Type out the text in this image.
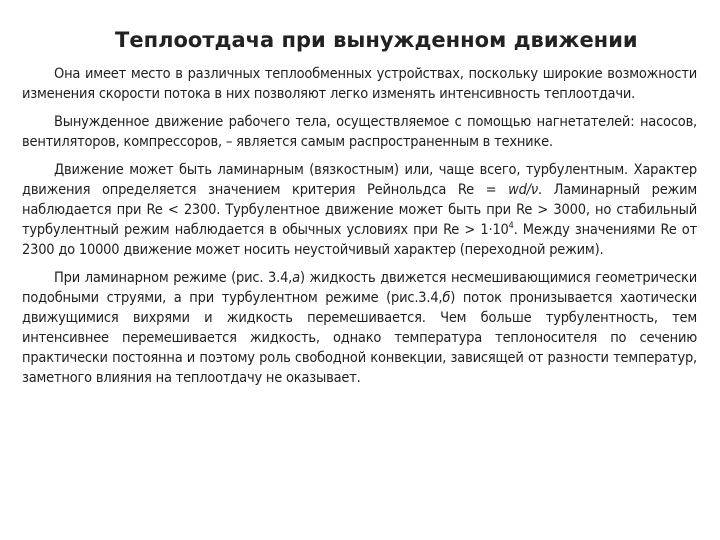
Теплоотдача при вынужденном движении

Она имеет место в различных теплообменных устройствах, поскольку широкие возможности изменения скорости потока в них позволяют легко изменять интенсивность теплоотдачи.

Вынужденное движение рабочего тела, осуществляемое с помощью нагнетателей: насосов, вентиляторов, компрессоров, – является самым распространенным в технике.

Движение может быть ламинарным (вязкостным) или, чаще всего, турбулентным. Характер движения определяется значением критерия Рейнольдса Re = wd/ν. Ламинарный режим наблюдается при Re < 2300. Турбулентное движение может быть при Re > 3000, но стабильный турбулентный режим наблюдается в обычных условиях при $Re > 1\cdot 10^4$. Между значениями Re от 2300 до 10000 движение может носить неустойчивый характер (переходной режим).

При ламинарном режиме (рис. 3.4,а) жидкость движется несмешивающимися геометрически подобными струями, а при турбулентном режиме (рис.3.4,б) поток пронизывается хаотически движущимися вихрями и жидкость перемешивается. Чем больше турбулентность, тем интенсивнее перемешивается жидкость, однако температура теплоносителя по сечению практически постоянна и поэтому роль свободной конвекции, зависящей от разности температур, заметного влияния на теплоотдачу не оказывает.
